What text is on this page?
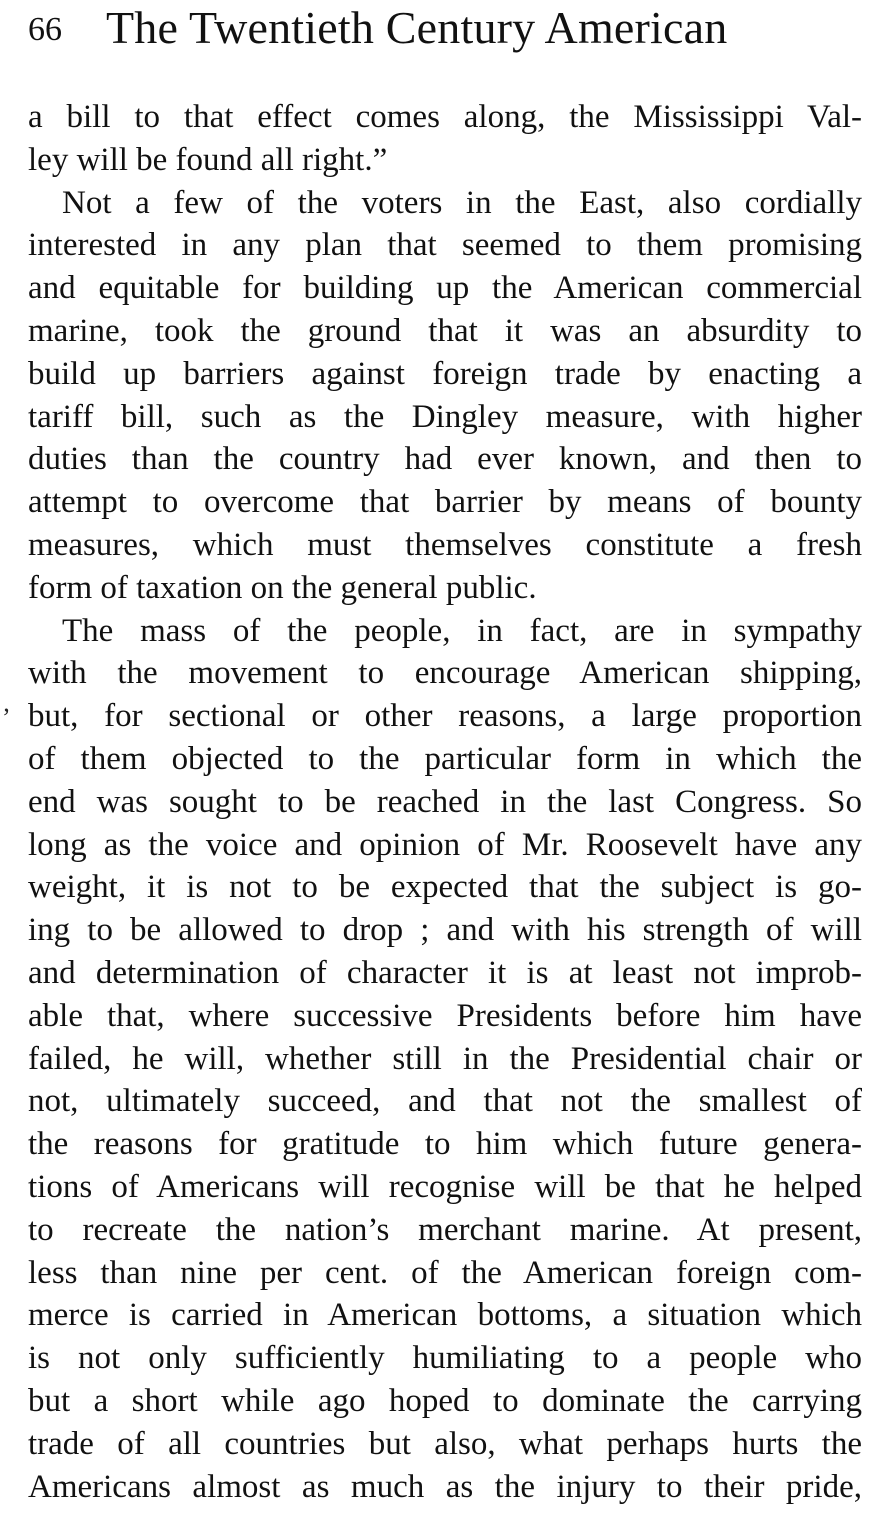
66 The Twentieth Century American
a bill to that effect comes along, the Mississippi Val-
ley will be found all right.”
Not a few of the voters in the East, also cordially
interested in any plan that seemed to them promising
and equitable for building up the American commercial
marine, took the ground that it was an absurdity to
build up barriers against foreign trade by enacting a
tariff bill, such as the Dingley measure, with higher
duties than the country had ever known, and then to
attempt to overcome that barrier by means of bounty
measures, which must themselves constitute a fresh
form of taxation on the general public.
The mass of the people, in fact, are in sympathy
with the movement to encourage American shipping,
but, for sectional or other reasons, a large proportion
of them objected to the particular form in which the
end was sought to be reached in the last Congress. So
long as the voice and opinion of Mr. Roosevelt have any
weight, it is not to be expected that the subject is go-
ing to be allowed to drop ; and with his strength of will
and determination of character it is at least not improb-
able that, where successive Presidents before him have
failed, he will, whether still in the Presidential chair or
not, ultimately succeed, and that not the smallest of
the reasons for gratitude to him which future genera-
tions of Americans will recognise will be that he helped
to recreate the nation’s merchant marine. At present,
less than nine per cent. of the American foreign com-
merce is carried in American bottoms, a situation which
is not only sufficiently humiliating to a people who
but a short while ago hoped to dominate the carrying
trade of all countries but also, what perhaps hurts the
Americans almost as much as the injury to their pride,
’
